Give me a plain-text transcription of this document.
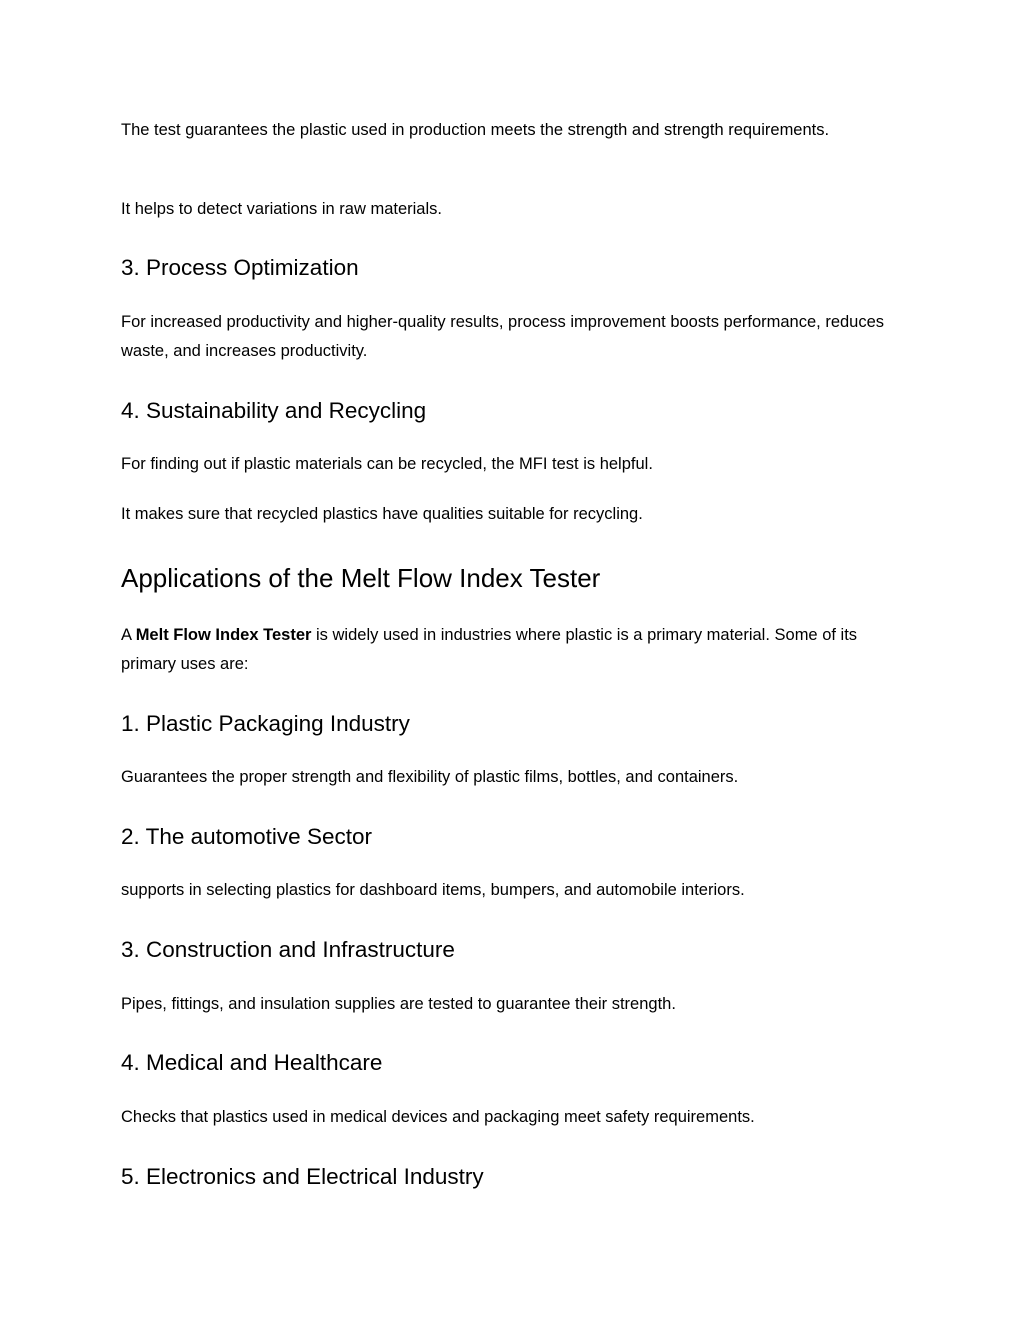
The test guarantees the plastic used in production meets the strength and strength requirements.

It helps to detect variations in raw materials.

3. Process Optimization

For increased productivity and higher-quality results, process improvement boosts performance, reduces waste, and increases productivity.

4. Sustainability and Recycling

For finding out if plastic materials can be recycled, the MFI test is helpful.

It makes sure that recycled plastics have qualities suitable for recycling.

Applications of the Melt Flow Index Tester

A Melt Flow Index Tester is widely used in industries where plastic is a primary material. Some of its primary uses are:

1. Plastic Packaging Industry

Guarantees the proper strength and flexibility of plastic films, bottles, and containers.

2. The automotive Sector

supports in selecting plastics for dashboard items, bumpers, and automobile interiors.

3. Construction and Infrastructure

Pipes, fittings, and insulation supplies are tested to guarantee their strength.

4. Medical and Healthcare

Checks that plastics used in medical devices and packaging meet safety requirements.

5. Electronics and Electrical Industry
